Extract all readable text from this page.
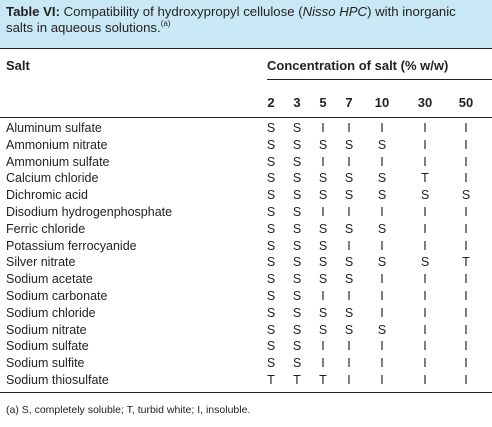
Table VI: Compatibility of hydroxypropyl cellulose (Nisso HPC) with inorganic salts in aqueous solutions.$^{(a)}$
Salt	Concentration of salt (% w/w)
2	3	5	7	10	30	50
Aluminum sulfate	S	S	I	I	I	I	I
Ammonium nitrate	S	S	S	S	S	I	I
Ammonium sulfate	S	S	I	I	I	I	I
Calcium chloride	S	S	S	S	S	T	I
Dichromic acid	S	S	S	S	S	S	S
Disodium hydrogenphosphate	S	S	I	I	I	I	I
Ferric chloride	S	S	S	S	S	I	I
Potassium ferrocyanide	S	S	S	I	I	I	I
Silver nitrate	S	S	S	S	S	S	T
Sodium acetate	S	S	S	S	I	I	I
Sodium carbonate	S	S	I	I	I	I	I
Sodium chloride	S	S	S	S	I	I	I
Sodium nitrate	S	S	S	S	S	I	I
Sodium sulfate	S	S	I	I	I	I	I
Sodium sulfite	S	S	I	I	I	I	I
Sodium thiosulfate	T	T	T	I	I	I	I
(a) S, completely soluble; T, turbid white; I, insoluble.
